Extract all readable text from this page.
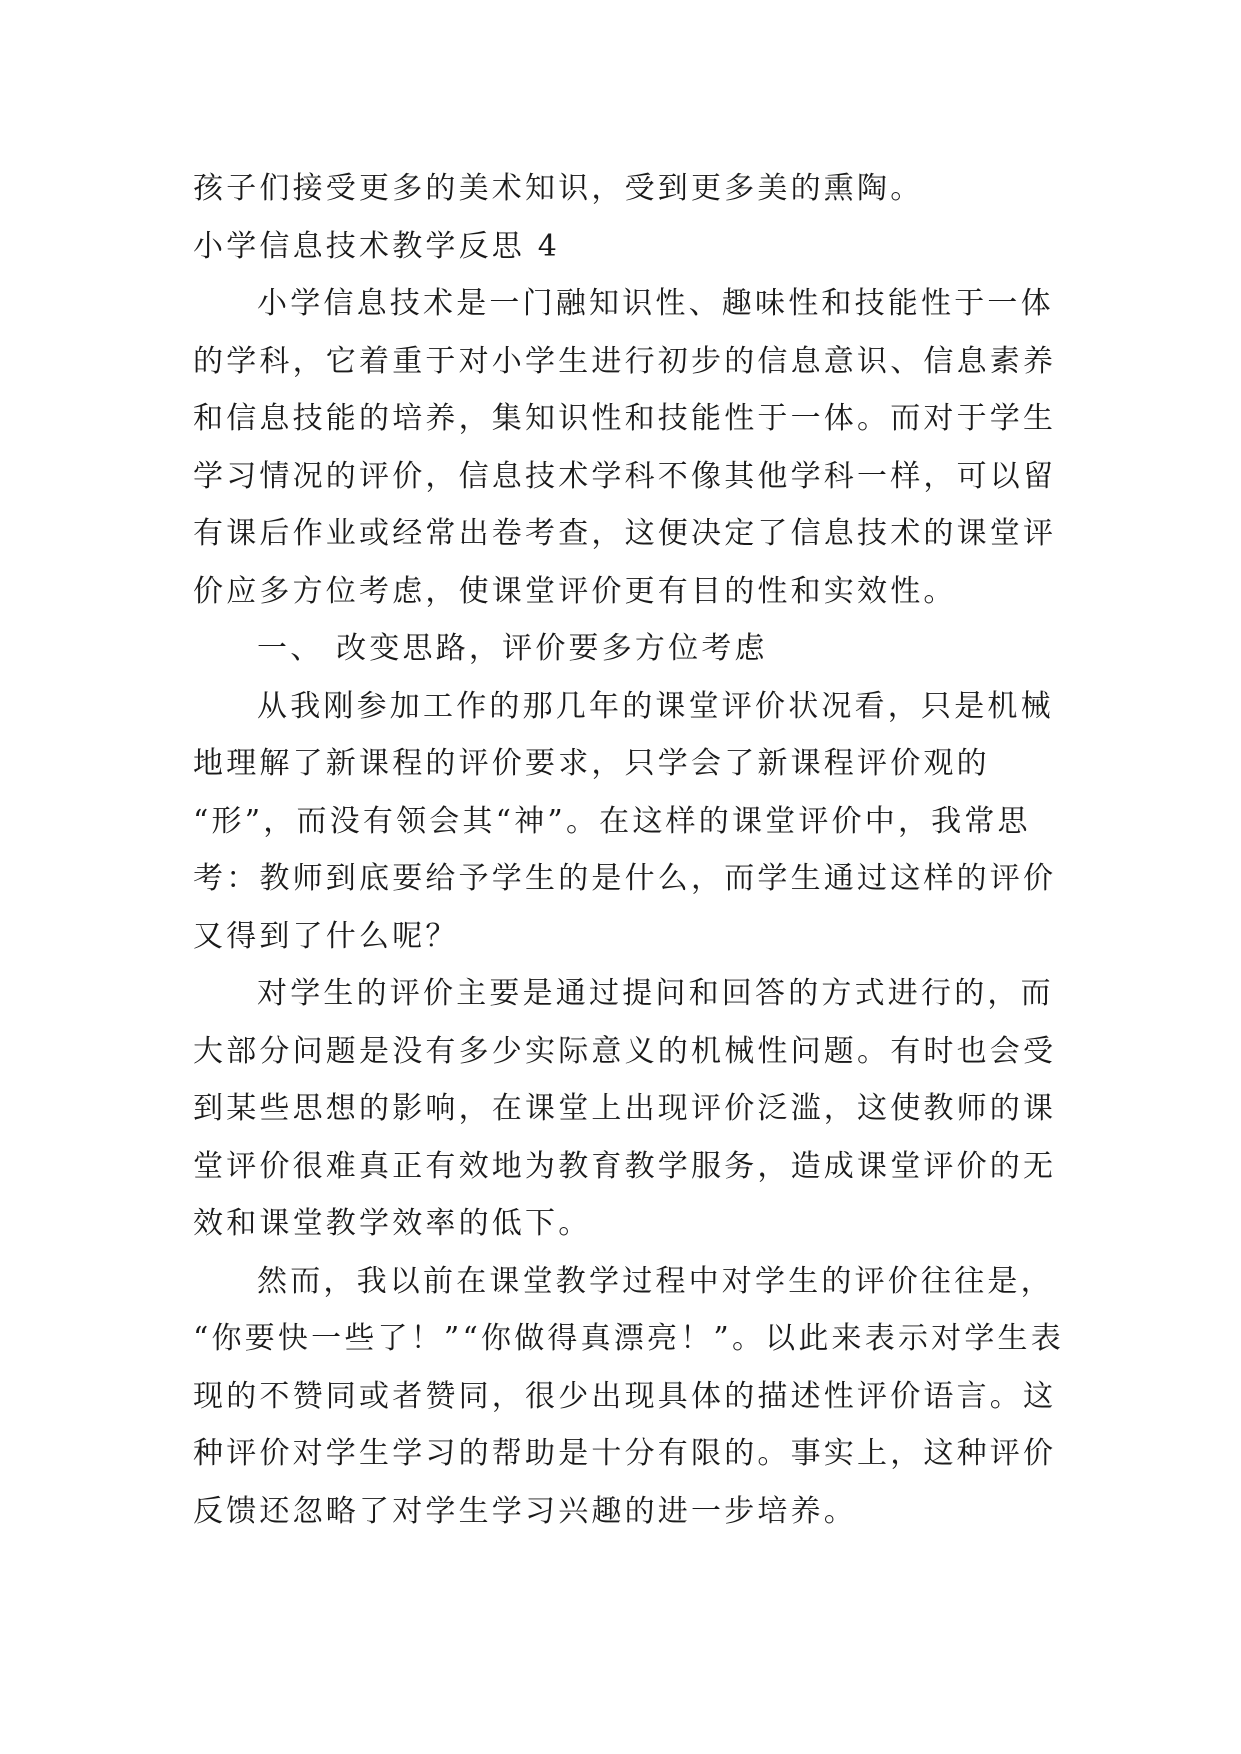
孩子们接受更多的美术知识，受到更多美的熏陶。

小学信息技术教学反思 4

小学信息技术是一门融知识性、趣味性和技能性于一体

的学科，它着重于对小学生进行初步的信息意识、信息素养

和信息技能的培养，集知识性和技能性于一体。而对于学生

学习情况的评价，信息技术学科不像其他学科一样，可以留

有课后作业或经常出卷考查，这便决定了信息技术的课堂评

价应多方位考虑，使课堂评价更有目的性和实效性。

一、 改变思路，评价要多方位考虑

从我刚参加工作的那几年的课堂评价状况看，只是机械

地理解了新课程的评价要求，只学会了新课程评价观的

“形”，而没有领会其“神”。在这样的课堂评价中，我常思

考：教师到底要给予学生的是什么，而学生通过这样的评价

又得到了什么呢？

对学生的评价主要是通过提问和回答的方式进行的，而

大部分问题是没有多少实际意义的机械性问题。有时也会受

到某些思想的影响，在课堂上出现评价泛滥，这使教师的课

堂评价很难真正有效地为教育教学服务，造成课堂评价的无

效和课堂教学效率的低下。

然而，我以前在课堂教学过程中对学生的评价往往是，

“你要快一些了！”“你做得真漂亮！”。以此来表示对学生表

现的不赞同或者赞同，很少出现具体的描述性评价语言。这

种评价对学生学习的帮助是十分有限的。事实上，这种评价

反馈还忽略了对学生学习兴趣的进一步培养。
